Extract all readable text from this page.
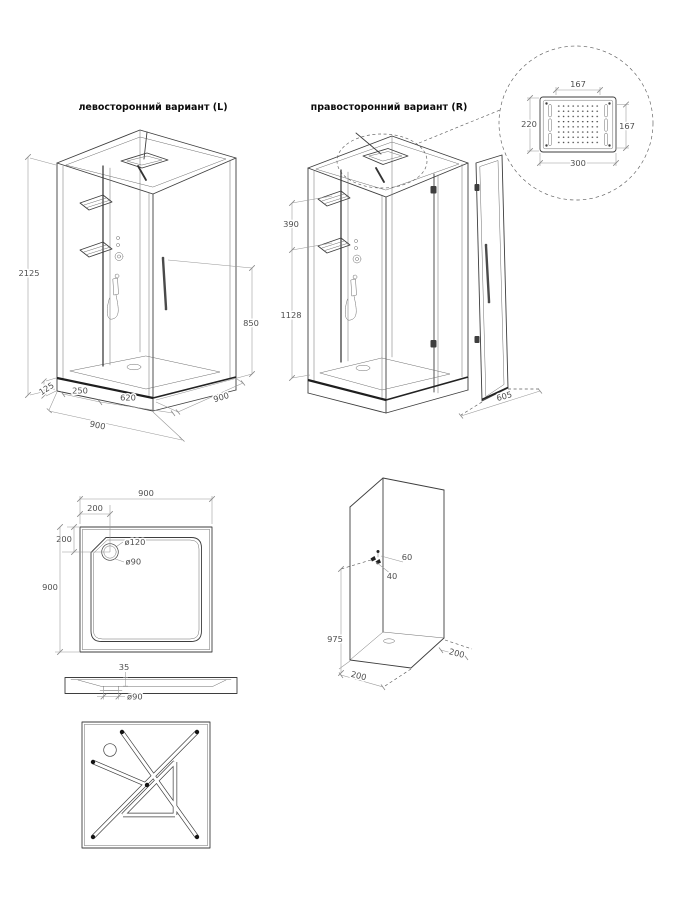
левосторонний вариант (L)
2125
850
125 250
620
900
900
правосторонний вариант (R)
390
1128
605
167
220	167
300
900
200
200
900
ø120
ø90
35
ø90
60
40
975
200
200
